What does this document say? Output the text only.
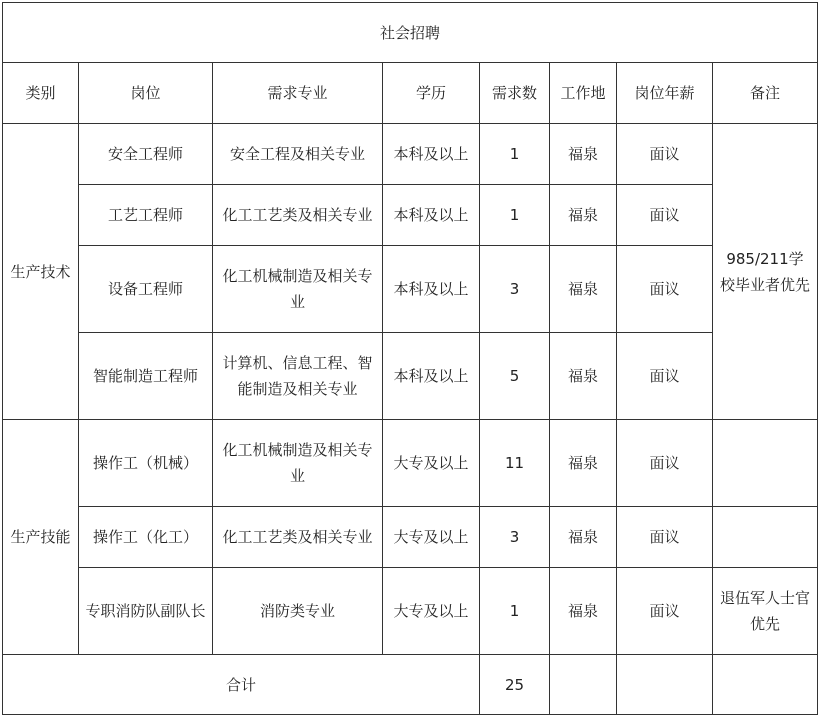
社会招聘							
类别	岗位	需求专业	学历	需求数	工作地	岗位年薪	备注
生产技术	安全工程师	安全工程及相关专业	本科及以上	1	福泉	面议	985/211学校毕业者优先
	工艺工程师	化工工艺类及相关专业	本科及以上	1	福泉	面议	
	设备工程师	化工机械制造及相关专业	本科及以上	3	福泉	面议	
	智能制造工程师	计算机、信息工程、智能制造及相关专业	本科及以上	5	福泉	面议	
生产技能	操作工（机械）	化工机械制造及相关专业	大专及以上	11	福泉	面议	
	操作工（化工）	化工工艺类及相关专业	大专及以上	3	福泉	面议	
	专职消防队副队长	消防类专业	大专及以上	1	福泉	面议	退伍军人士官优先
合计				25			
